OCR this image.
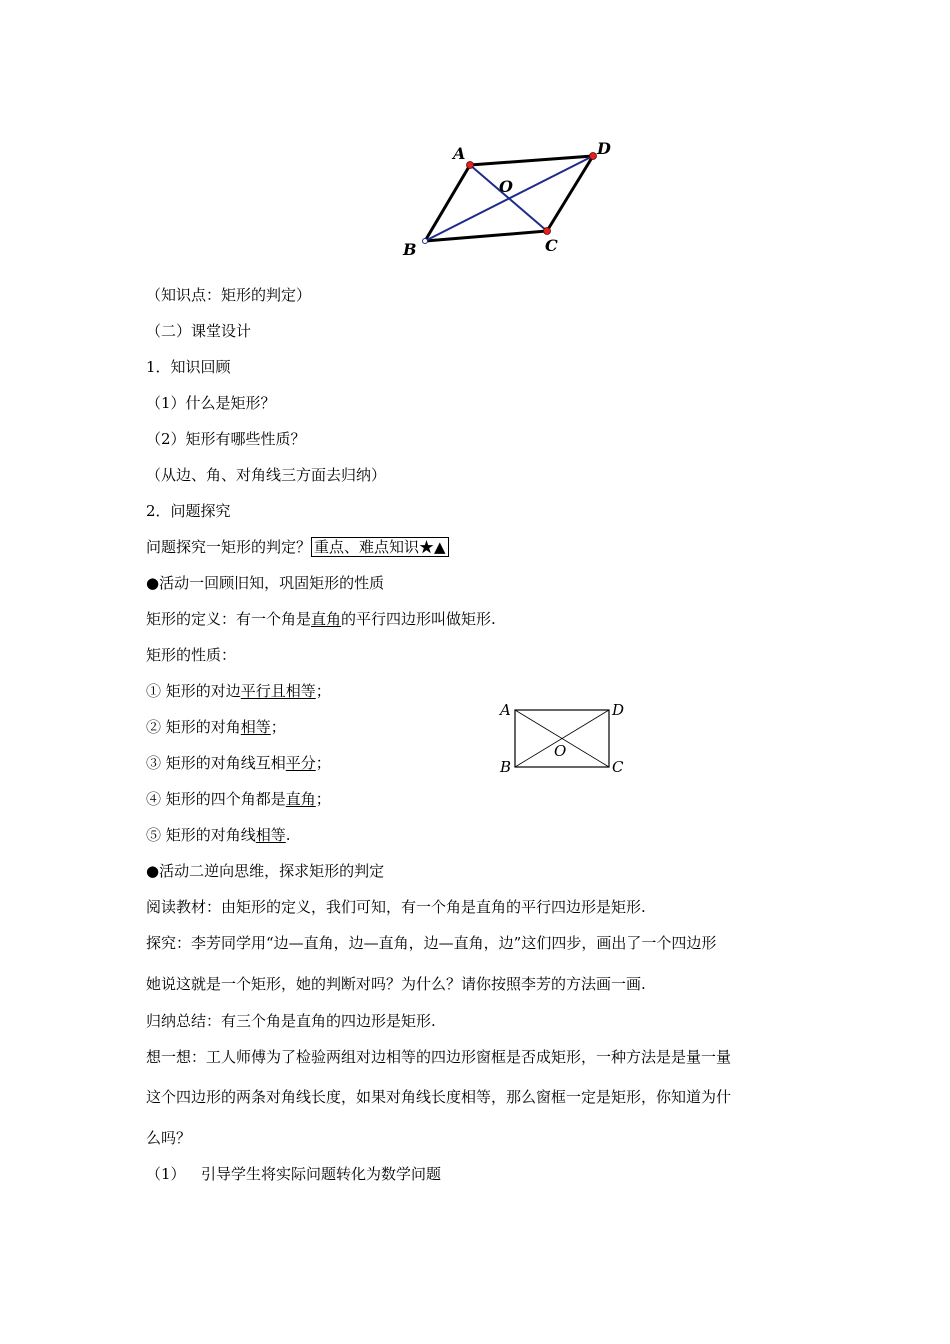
A	D
O
B	C
A	D
O
B	C
（知识点：矩形的判定）
（二）课堂设计
1．知识回顾
（1）什么是矩形？
（2）矩形有哪些性质？
（从边、角、对角线三方面去归纳）
2．问题探究
问题探究一矩形的判定？ 重点、难点知识★▲
●活动一回顾旧知，巩固矩形的性质
矩形的定义：有一个角是直角的平行四边形叫做矩形.
矩形的性质：
① 矩形的对边平行且相等；
② 矩形的对角相等；
③ 矩形的对角线互相平分；
④ 矩形的四个角都是直角；
⑤ 矩形的对角线相等.
●活动二逆向思维，探求矩形的判定
阅读教材：由矩形的定义，我们可知，有一个角是直角的平行四边形是矩形.
探究：李芳同学用“边—直角，边—直角，边—直角，边”这们四步，画出了一个四边形
她说这就是一个矩形，她的判断对吗？为什么？请你按照李芳的方法画一画.
归纳总结：有三个角是直角的四边形是矩形.
想一想：工人师傅为了检验两组对边相等的四边形窗框是否成矩形，一种方法是是量一量
这个四边形的两条对角线长度，如果对角线长度相等，那么窗框一定是矩形，你知道为什
么吗？
（1） 引导学生将实际问题转化为数学问题
